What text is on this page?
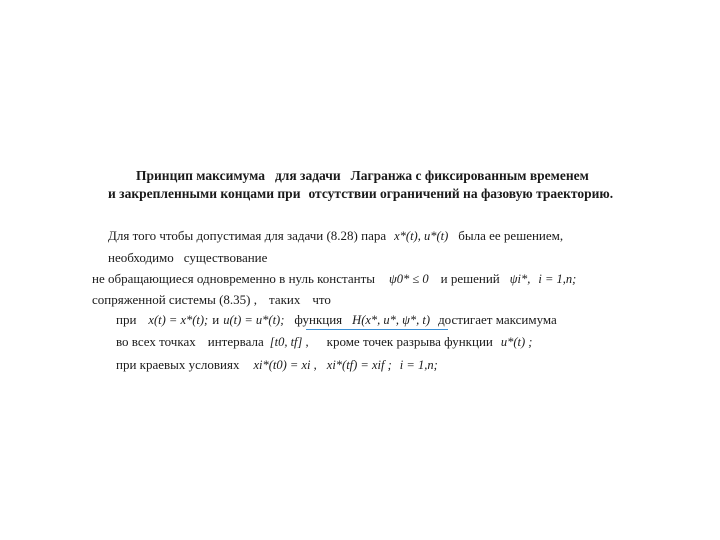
Принцип максимума для задачи Лагранжа с фиксированным временем
и закрепленными концами при отсутствии ограничений на фазовую траекторию.
Для того чтобы допустимая для задачи (8.28) пара x*(t), u*(t) была ее решением,
необходимо существование
не обращающиеся одновременно в нуль константы ψ0* ≤ 0 и решений ψi*, i = 1,n;
сопряженной системы (8.35) , таких что
при x(t) = x*(t); и u(t) = u*(t); функция H(x*, u*, ψ*, t) достигает максимума
во всех точках интервала [t0, tf] , кроме точек разрыва функции u*(t) ;
при краевых условиях xi*(t0) = xi , xi*(tf) = xif ; i = 1,n;
